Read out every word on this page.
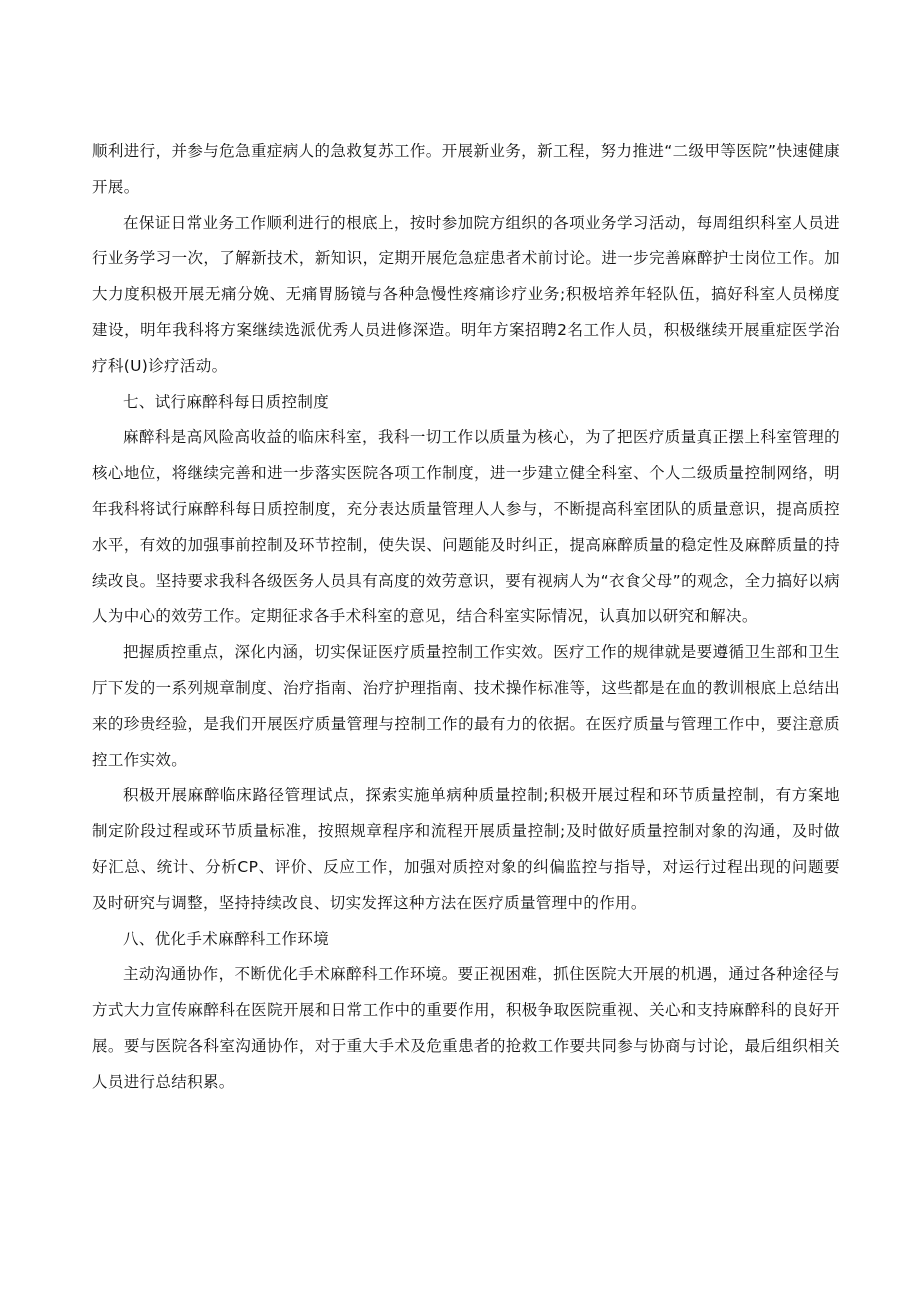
顺利进行，并参与危急重症病人的急救复苏工作。开展新业务，新工程，努力推进“二级甲等医院”快速健康开展。

在保证日常业务工作顺利进行的根底上，按时参加院方组织的各项业务学习活动，每周组织科室人员进行业务学习一次，了解新技术，新知识，定期开展危急症患者术前讨论。进一步完善麻醉护士岗位工作。加大力度积极开展无痛分娩、无痛胃肠镜与各种急慢性疼痛诊疗业务;积极培养年轻队伍，搞好科室人员梯度建设，明年我科将方案继续选派优秀人员进修深造。明年方案招聘2名工作人员，积极继续开展重症医学治疗科(U)诊疗活动。

七、试行麻醉科每日质控制度

麻醉科是高风险高收益的临床科室，我科一切工作以质量为核心，为了把医疗质量真正摆上科室管理的核心地位，将继续完善和进一步落实医院各项工作制度，进一步建立健全科室、个人二级质量控制网络，明年我科将试行麻醉科每日质控制度，充分表达质量管理人人参与，不断提高科室团队的质量意识，提高质控水平，有效的加强事前控制及环节控制，使失误、问题能及时纠正，提高麻醉质量的稳定性及麻醉质量的持续改良。坚持要求我科各级医务人员具有高度的效劳意识，要有视病人为“衣食父母”的观念，全力搞好以病人为中心的效劳工作。定期征求各手术科室的意见，结合科室实际情况，认真加以研究和解决。

把握质控重点，深化内涵，切实保证医疗质量控制工作实效。医疗工作的规律就是要遵循卫生部和卫生厅下发的一系列规章制度、治疗指南、治疗护理指南、技术操作标准等，这些都是在血的教训根底上总结出来的珍贵经验，是我们开展医疗质量管理与控制工作的最有力的依据。在医疗质量与管理工作中，要注意质控工作实效。

积极开展麻醉临床路径管理试点，探索实施单病种质量控制;积极开展过程和环节质量控制，有方案地制定阶段过程或环节质量标准，按照规章程序和流程开展质量控制;及时做好质量控制对象的沟通，及时做好汇总、统计、分析CP、评价、反应工作，加强对质控对象的纠偏监控与指导，对运行过程出现的问题要及时研究与调整，坚持持续改良、切实发挥这种方法在医疗质量管理中的作用。

八、优化手术麻醉科工作环境

主动沟通协作，不断优化手术麻醉科工作环境。要正视困难，抓住医院大开展的机遇，通过各种途径与方式大力宣传麻醉科在医院开展和日常工作中的重要作用，积极争取医院重视、关心和支持麻醉科的良好开展。要与医院各科室沟通协作，对于重大手术及危重患者的抢救工作要共同参与协商与讨论，最后组织相关人员进行总结积累。
